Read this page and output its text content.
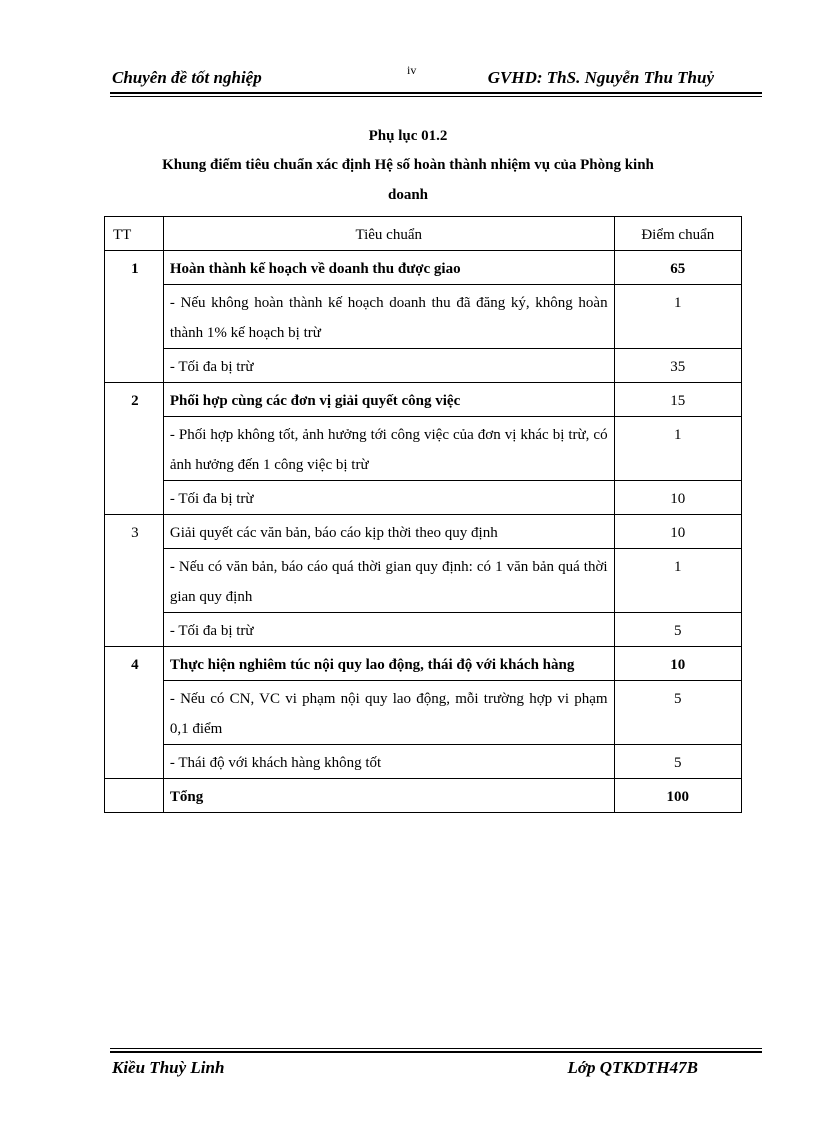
Chuyên đề tốt nghiệp	iv	GVHD: ThS. Nguyễn Thu Thuỷ
Phụ lục 01.2
Khung điểm tiêu chuẩn xác định Hệ số hoàn thành nhiệm vụ của Phòng kinh
doanh
TT	Tiêu chuẩn	Điểm chuẩn
1	Hoàn thành kế hoạch về doanh thu được giao	65
	- Nếu không hoàn thành kế hoạch doanh thu đã đăng ký, không hoàn thành 1% kế hoạch bị trừ	1
	- Tối đa bị trừ	35
2	Phối hợp cùng các đơn vị giải quyết công việc	15
	- Phối hợp không tốt, ảnh hưởng tới công việc của đơn vị khác bị trừ, có ảnh hưởng đến 1 công việc bị trừ	1
	- Tối đa bị trừ	10
3	Giải quyết các văn bản, báo cáo kịp thời theo quy định	10
	- Nếu có văn bản, báo cáo quá thời gian quy định: có 1 văn bản quá thời gian quy định	1
	- Tối đa bị trừ	5
4	Thực hiện nghiêm túc nội quy lao động, thái độ với khách hàng	10
	- Nếu có CN, VC vi phạm nội quy lao động, mỗi trường hợp vi phạm 0,1 điểm	5
	- Thái độ với khách hàng không tốt	5
	Tổng	100
Kiều Thuỳ Linh	Lớp QTKDTH47B
